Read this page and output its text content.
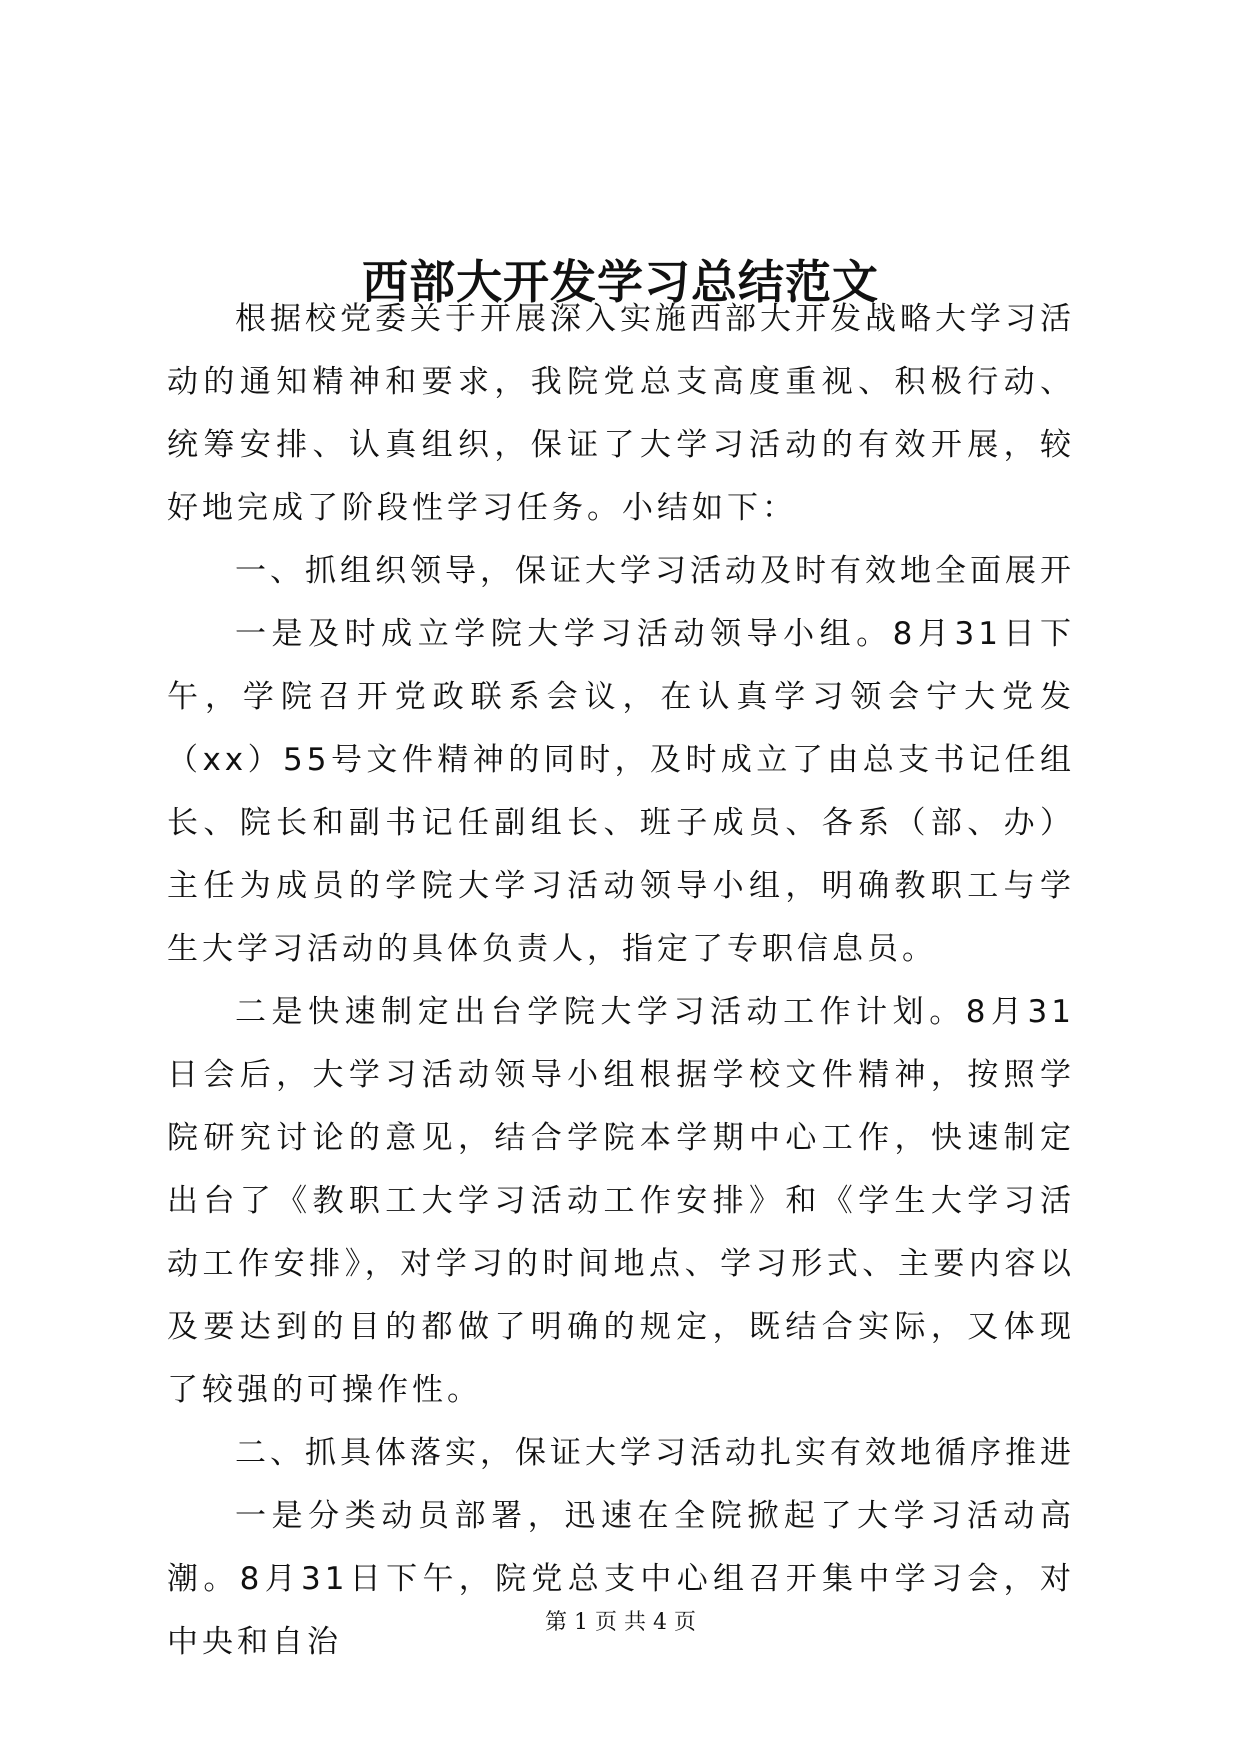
西部大开发学习总结范文

根据校党委关于开展深入实施西部大开发战略大学习活动的通知精神和要求，我院党总支高度重视、积极行动、统筹安排、认真组织，保证了大学习活动的有效开展，较好地完成了阶段性学习任务。小结如下：

一、抓组织领导，保证大学习活动及时有效地全面展开

一是及时成立学院大学习活动领导小组。8月31日下午，学院召开党政联系会议，在认真学习领会宁大党发（xx）55号文件精神的同时，及时成立了由总支书记任组长、院长和副书记任副组长、班子成员、各系（部、办）主任为成员的学院大学习活动领导小组，明确教职工与学生大学习活动的具体负责人，指定了专职信息员。

二是快速制定出台学院大学习活动工作计划。8月31日会后，大学习活动领导小组根据学校文件精神，按照学院研究讨论的意见，结合学院本学期中心工作，快速制定出台了《教职工大学习活动工作安排》和《学生大学习活动工作安排》，对学习的时间地点、学习形式、主要内容以及要达到的目的都做了明确的规定，既结合实际，又体现了较强的可操作性。

二、抓具体落实，保证大学习活动扎实有效地循序推进

一是分类动员部署，迅速在全院掀起了大学习活动高潮。8月31日下午，院党总支中心组召开集中学习会，对中央和自治

第 1 页 共 4 页
